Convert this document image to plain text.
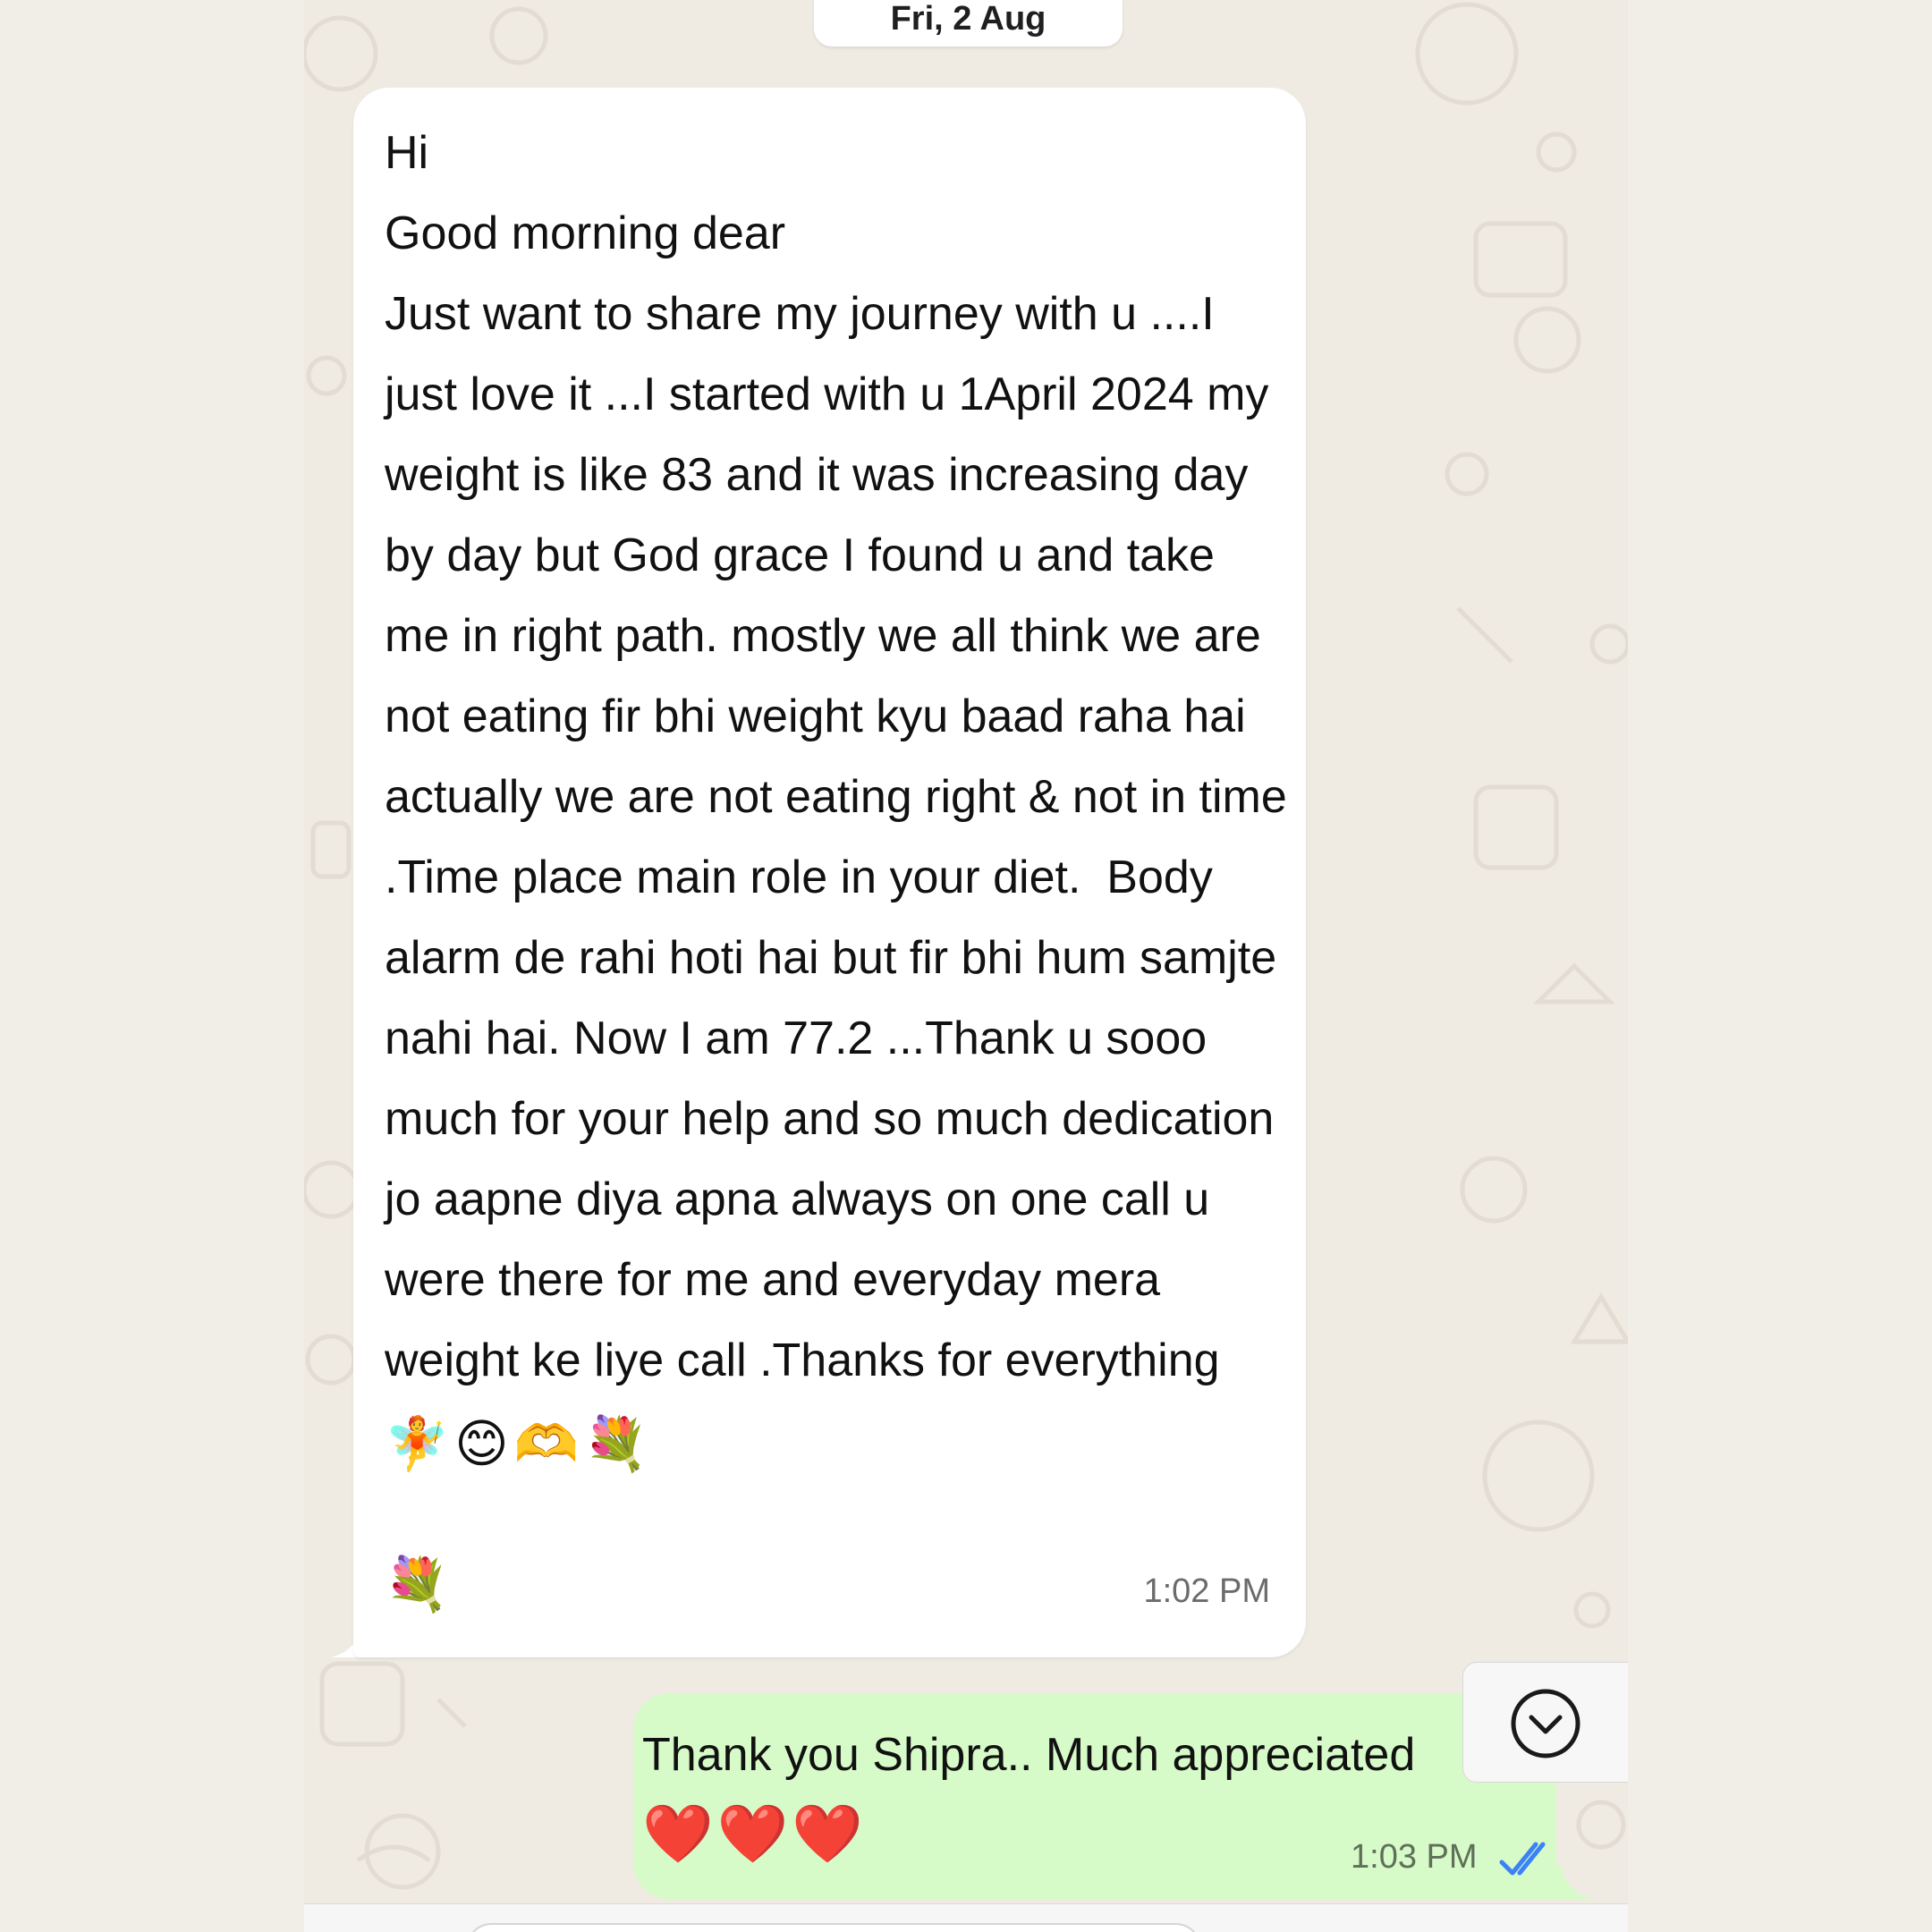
Fri, 2 Aug

Hi
Good morning dear
Just want to share my journey with u ....I just love it ...I started with u 1April 2024 my weight is like 83 and it was increasing day by day but God grace I found u and take me in right path. mostly we all think we are not eating fir bhi weight kyu baad raha hai actually we are not eating right & not in time .Time place main role in your diet.  Body alarm de rahi hoti hai but fir bhi hum samjte nahi hai. Now I am 77.2 ...Thank u sooo much for your help and so much dedication jo aapne diya apna always on one call u were there for me and everyday mera weight ke liye call .Thanks for everything 🧚 😊 🫶 💐

💐	1:02 PM
Thank you Shipra.. Much appreciated
❤️❤️❤️	1:03 PM
